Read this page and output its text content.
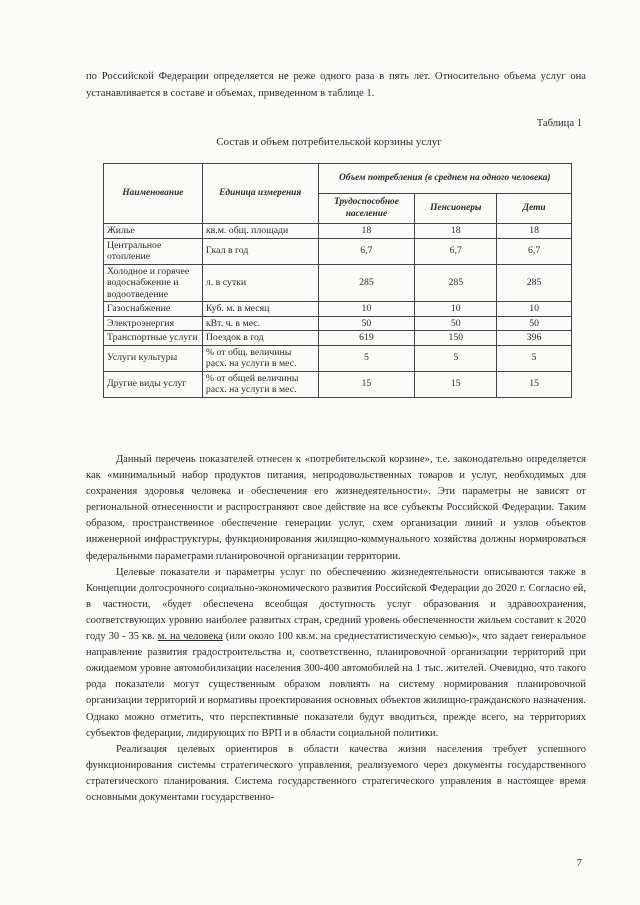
по Российской Федерации определяется не реже одного раза в пять лет. Относительно объема услуг она устанавливается в составе и объемах, приведенном в таблице 1.
Таблица 1
Состав и объем потребительской корзины услуг
Наименование	Единица измерения	Объем потребления (в среднем на одного человека)		
		Трудоспособное население	Пенсионеры	Дети
Жилье	кв.м. общ. площади	18	18	18
Центральное отопление	Гкал в год	6,7	6,7	6,7
Холодное и горячее водоснабжение и водоотведение	л. в сутки	285	285	285
Газоснабжение	Куб. м. в месяц	10	10	10
Электроэнергия	кВт. ч. в мес.	50	50	50
Транспортные услуги	Поездок в год	619	150	396
Услуги культуры	% от общ. величины расх. на услуги в мес.	5	5	5
Другие виды услуг	% от общей величины расх. на услуги в мес.	15	15	15

Данный перечень показателей отнесен к «потребительской корзине», т.е. законодательно определяется как «минимальный набор продуктов питания, непродовольственных товаров и услуг, необходимых для сохранения здоровья человека и обеспечения его жизнедеятельности». Эти параметры не зависят от региональной отнесенности и распространяют свое действие на все субъекты Российской Федерации. Таким образом, пространственное обеспечение генерации услуг, схем организации линий и узлов объектов инженерной инфраструктуры, функционирования жилищно-коммунального хозяйства должны нормироваться федеральными параметрами планировочной организации территории.

Целевые показатели и параметры услуг по обеспечению жизнедеятельности описываются также в Концепции долгосрочного социально-экономического развития Российской Федерации до 2020 г. Согласно ей, в частности, «будет обеспечена всеобщая доступность услуг образования и здравоохранения, соответствующих уровню наиболее развитых стран, средний уровень обеспеченности жильем составит к 2020 году 30 - 35 кв. м. на человека (или около 100 кв.м. на среднестатистическую семью)», что задает генеральное направление развития градостроительства и, соответственно, планировочной организации территорий при ожидаемом уровне автомобилизации населения 300-400 автомобилей на 1 тыс. жителей. Очевидно, что такого рода показатели могут существенным образом повлиять на систему нормирования планировочной организации территорий и нормативы проектирования основных объектов жилищно-гражданского назначения. Однако можно отметить, что перспективные показатели будут вводиться, прежде всего, на территориях субъектов федерации, лидирующих по ВРП и в области социальной политики.

Реализация целевых ориентиров в области качества жизни населения требует успешного функционирования системы стратегического управления, реализуемого через документы государственного стратегического планирования. Система государственного стратегического управления в настоящее время основными документами государственно-

7
